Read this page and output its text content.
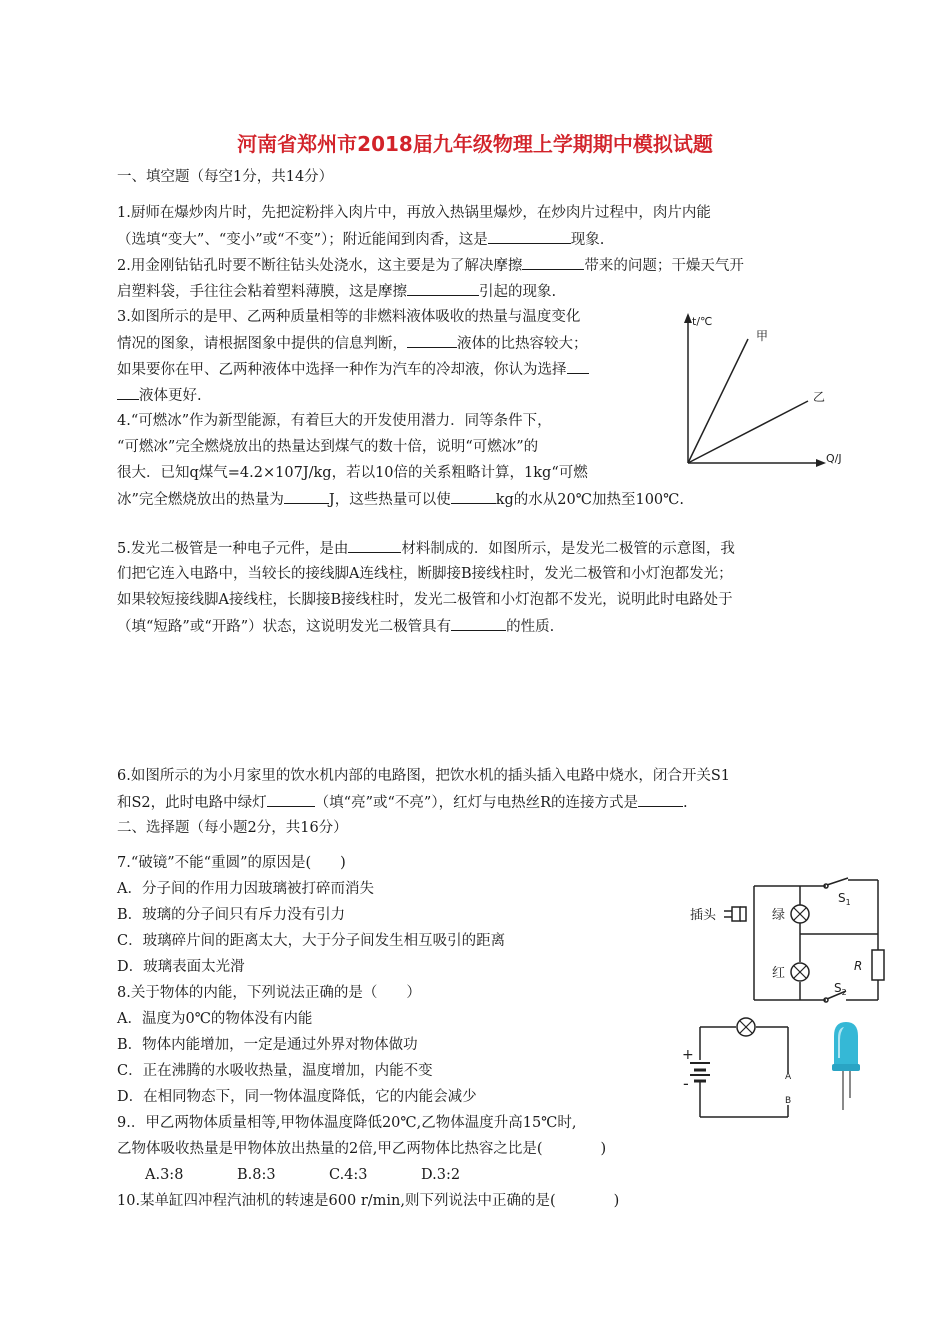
河南省郑州市2018届九年级物理上学期期中模拟试题

一、填空题（每空1分，共14分）

1.厨师在爆炒肉片时，先把淀粉拌入肉片中，再放入热锅里爆炒，在炒肉片过程中，肉片内能

（选填“变大”、“变小”或“不变”）；附近能闻到肉香，这是	现象.

2.用金刚钻钻孔时要不断往钻头处浇水，这主要是为了解决摩擦	带来的问题；干燥天气开

启塑料袋，手往往会粘着塑料薄膜，这是摩擦	引起的现象.

3.如图所示的是甲、乙两种质量相等的非燃料液体吸收的热量与温度变化

情况的图象，请根据图象中提供的信息判断，	液体的比热容较大；

如果要你在甲、乙两种液体中选择一种作为汽车的冷却液，你认为选择

液体更好.

4.“可燃冰”作为新型能源，有着巨大的开发使用潜力．同等条件下，

“可燃冰”完全燃烧放出的热量达到煤气的数十倍，说明“可燃冰”的

很大．已知q煤气=4.2×107J/kg，若以10倍的关系粗略计算，1kg“可燃

冰”完全燃烧放出的热量为	J，这些热量可以使	kg的水从20℃加热至100℃.

5.发光二极管是一种电子元件，是由	材料制成的．如图所示，是发光二极管的示意图，我

们把它连入电路中，当较长的接线脚A连线柱，断脚接B接线柱时，发光二极管和小灯泡都发光；

如果较短接线脚A接线柱，长脚接B接线柱时，发光二极管和小灯泡都不发光，说明此时电路处于

（填“短路”或“开路”）状态，这说明发光二极管具有	的性质.

6.如图所示的为小月家里的饮水机内部的电路图，把饮水机的插头插入电路中烧水，闭合开关S1

和S2，此时电路中绿灯	（填“亮”或“不亮”），红灯与电热丝R的连接方式是	.

二、选择题（每小题2分，共16分）

7.“破镜”不能“重圆”的原因是(　　)

A．分子间的作用力因玻璃被打碎而消失

B．玻璃的分子间只有斥力没有引力

C．玻璃碎片间的距离太大，大于分子间发生相互吸引的距离

D．玻璃表面太光滑

8.关于物体的内能，下列说法正确的是（　　）

A．温度为0℃的物体没有内能

B．物体内能增加，一定是通过外界对物体做功

C．正在沸腾的水吸收热量，温度增加，内能不变

D．在相同物态下，同一物体温度降低，它的内能会减少

9.．甲乙两物体质量相等,甲物体温度降低20℃,乙物体温度升高15℃时,

乙物体吸收热量是甲物体放出热量的2倍,甲乙两物体比热容之比是(　　　　)

A.3:8	B.8:3	C.4:3	D.3:2

10.某单缸四冲程汽油机的转速是600 r/min,则下列说法中正确的是(　　　　)

t/℃
Q/J
甲
乙
插头	绿
红
$S_1$
$S_2$
R
+
-	A
B
